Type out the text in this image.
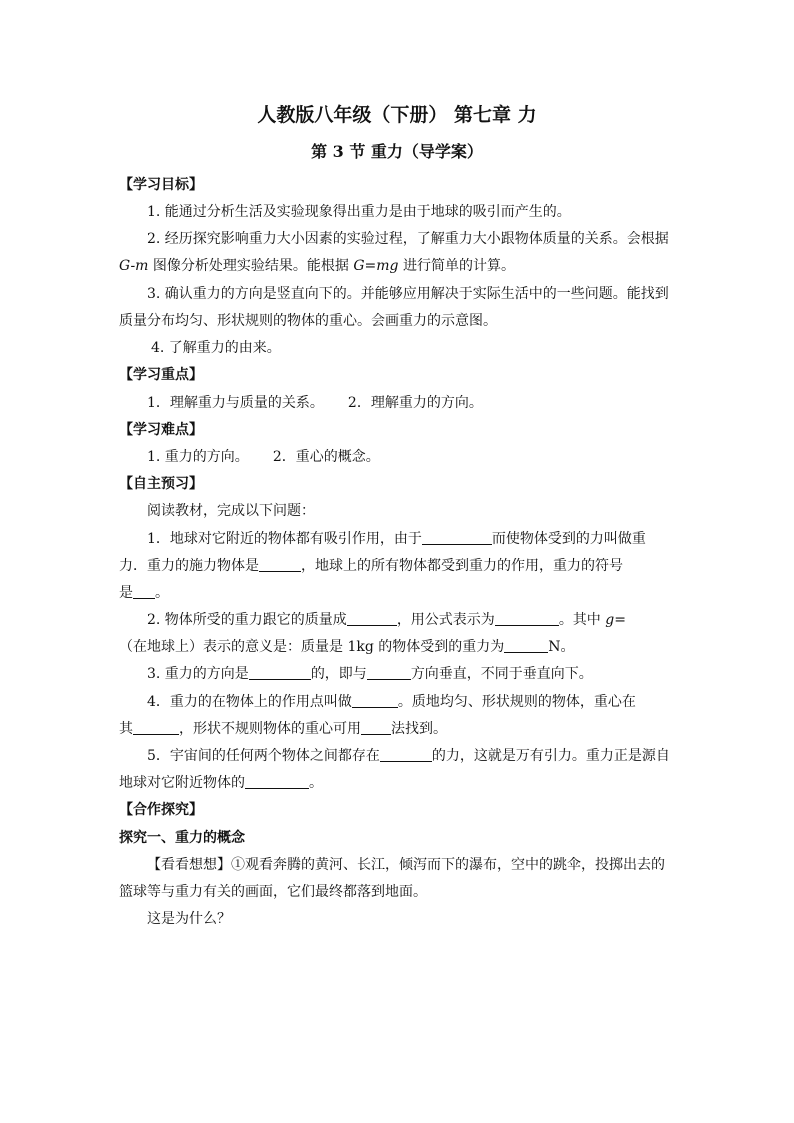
人教版八年级（下册） 第七章 力
第 3 节 重力（导学案）
【学习目标】
1. 能通过分析生活及实验现象得出重力是由于地球的吸引而产生的。
2. 经历探究影响重力大小因素的实验过程，了解重力大小跟物体质量的关系。会根据
G-m 图像分析处理实验结果。能根据 G=mg 进行简单的计算。
3. 确认重力的方向是竖直向下的。并能够应用解决于实际生活中的一些问题。能找到
质量分布均匀、形状规则的物体的重心。会画重力的示意图。
4. 了解重力的由来。
【学习重点】
1．理解重力与质量的关系。 2．理解重力的方向。
【学习难点】
1. 重力的方向。 2．重心的概念。
【自主预习】
阅读教材，完成以下问题：
1．地球对它附近的物体都有吸引作用，由于	而使物体受到的力叫做重
力．重力的施力物体是	，地球上的所有物体都受到重力的作用，重力的符号
是 。
2. 物体所受的重力跟它的质量成	，用公式表示为	。其中 g=
（在地球上）表示的意义是：质量是 1kg 的物体受到的重力为	N。
3. 重力的方向是	的，即与	方向垂直，不同于垂直向下。
4．重力的在物体上的作用点叫做	。质地均匀、形状规则的物体，重心在
其	，形状不规则物体的重心可用 法找到。
5．宇宙间的任何两个物体之间都存在	的力，这就是万有引力。重力正是源自
地球对它附近物体的	。
【合作探究】
探究一、重力的概念
【看看想想】①观看奔腾的黄河、长江，倾泻而下的瀑布，空中的跳伞，投掷出去的
篮球等与重力有关的画面，它们最终都落到地面。
这是为什么？
